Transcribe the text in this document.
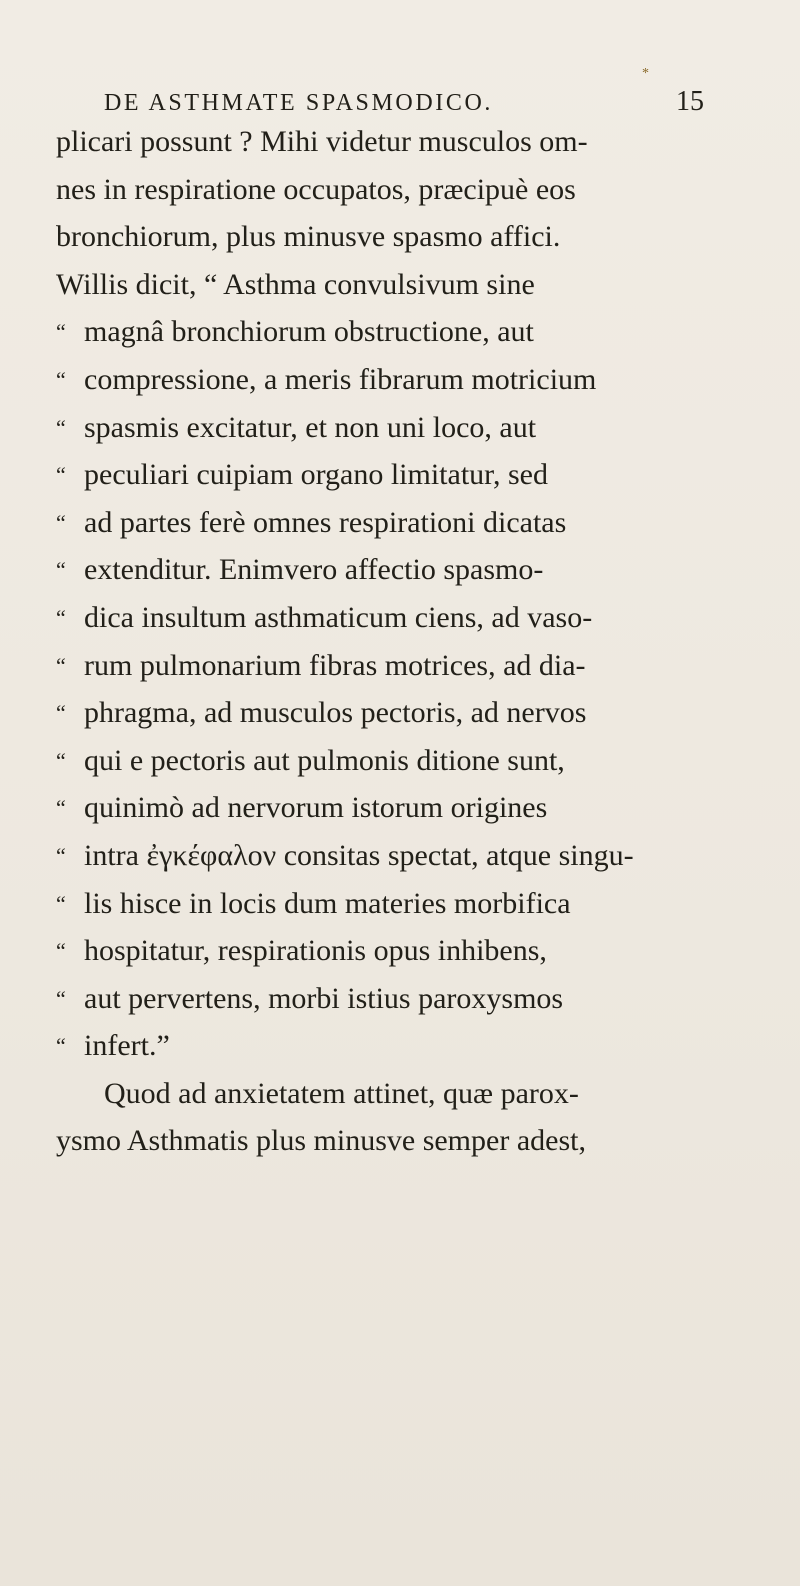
*
DE ASTHMATE SPASMODICO.	15
plicari possunt ? Mihi videtur musculos om-
nes in respiratione occupatos, præcipuè eos
bronchiorum, plus minusve spasmo affici.
Willis dicit, “ Asthma convulsivum sine
“ magnâ bronchiorum obstructione, aut
“ compressione, a meris fibrarum motricium
“ spasmis excitatur, et non uni loco, aut
“ peculiari cuipiam organo limitatur, sed
“ ad partes ferè omnes respirationi dicatas
“ extenditur. Enimvero affectio spasmo-
“ dica insultum asthmaticum ciens, ad vaso-
“ rum pulmonarium fibras motrices, ad dia-
“ phragma, ad musculos pectoris, ad nervos
“ qui e pectoris aut pulmonis ditione sunt,
“ quinimò ad nervorum istorum origines
“ intra ἐγκέφαλον consitas spectat, atque singu-
“ lis hisce in locis dum materies morbifica
“ hospitatur, respirationis opus inhibens,
“ aut pervertens, morbi istius paroxysmos
“ infert.”
Quod ad anxietatem attinet, quæ parox-
ysmo Asthmatis plus minusve semper adest,
